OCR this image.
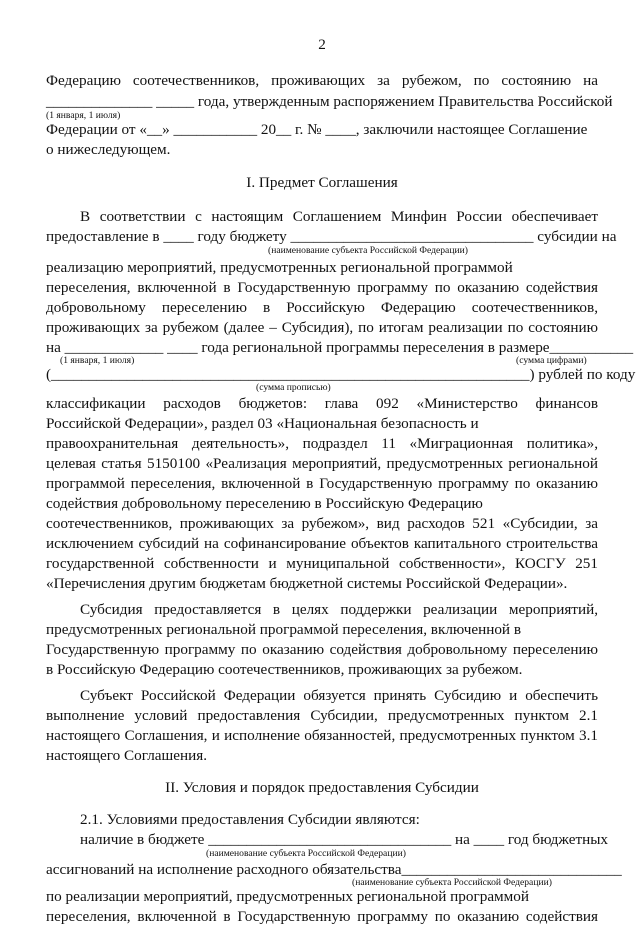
2
Федерацию соотечественников, проживающих за рубежом, по состоянию на
______________ _____ года, утвержденным распоряжением Правительства Российской
(1 января, 1 июля)
Федерации от «__» ___________ 20__ г. № ____, заключили настоящее Соглашение
о нижеследующем.
I. Предмет Соглашения
В соответствии с настоящим Соглашением Минфин России обеспечивает
предоставление в ____ году бюджету ________________________________ субсидии на
(наименование субъекта Российской Федерации)
реализацию мероприятий, предусмотренных региональной программой
переселения, включенной в Государственную программу по оказанию содействия
добровольному переселению в Российскую Федерацию соотечественников,
проживающих за рубежом (далее – Субсидия), по итогам реализации по состоянию
на _____________ ____ года региональной программы переселения в размере___________
(1 января, 1 июля)	(сумма цифрами)
(_______________________________________________________________) рублей по коду
(сумма прописью)
классификации расходов бюджетов: глава 092 «Министерство финансов
Российской Федерации», раздел 03 «Национальная безопасность и
правоохранительная деятельность», подраздел 11 «Миграционная политика»,
целевая статья 5150100 «Реализация мероприятий, предусмотренных региональной
программой переселения, включенной в Государственную программу по оказанию
содействия добровольному переселению в Российскую Федерацию
соотечественников, проживающих за рубежом», вид расходов 521 «Субсидии, за
исключением субсидий на софинансирование объектов капитального строительства
государственной собственности и муниципальной собственности», КОСГУ 251
«Перечисления другим бюджетам бюджетной системы Российской Федерации».
Субсидия предоставляется в целях поддержки реализации мероприятий,
предусмотренных региональной программой переселения, включенной в
Государственную программу по оказанию содействия добровольному переселению
в Российскую Федерацию соотечественников, проживающих за рубежом.
Субъект Российской Федерации обязуется принять Субсидию и обеспечить
выполнение условий предоставления Субсидии, предусмотренных пунктом 2.1
настоящего Соглашения, и исполнение обязанностей, предусмотренных пунктом 3.1
настоящего Соглашения.
II. Условия и порядок предоставления Субсидии
2.1. Условиями предоставления Субсидии являются:
наличие в бюджете ________________________________ на ____ год бюджетных
(наименование субъекта Российской Федерации)
ассигнований на исполнение расходного обязательства_____________________________
(наименование субъекта Российской Федерации)
по реализации мероприятий, предусмотренных региональной программой
переселения, включенной в Государственную программу по оказанию содействия
